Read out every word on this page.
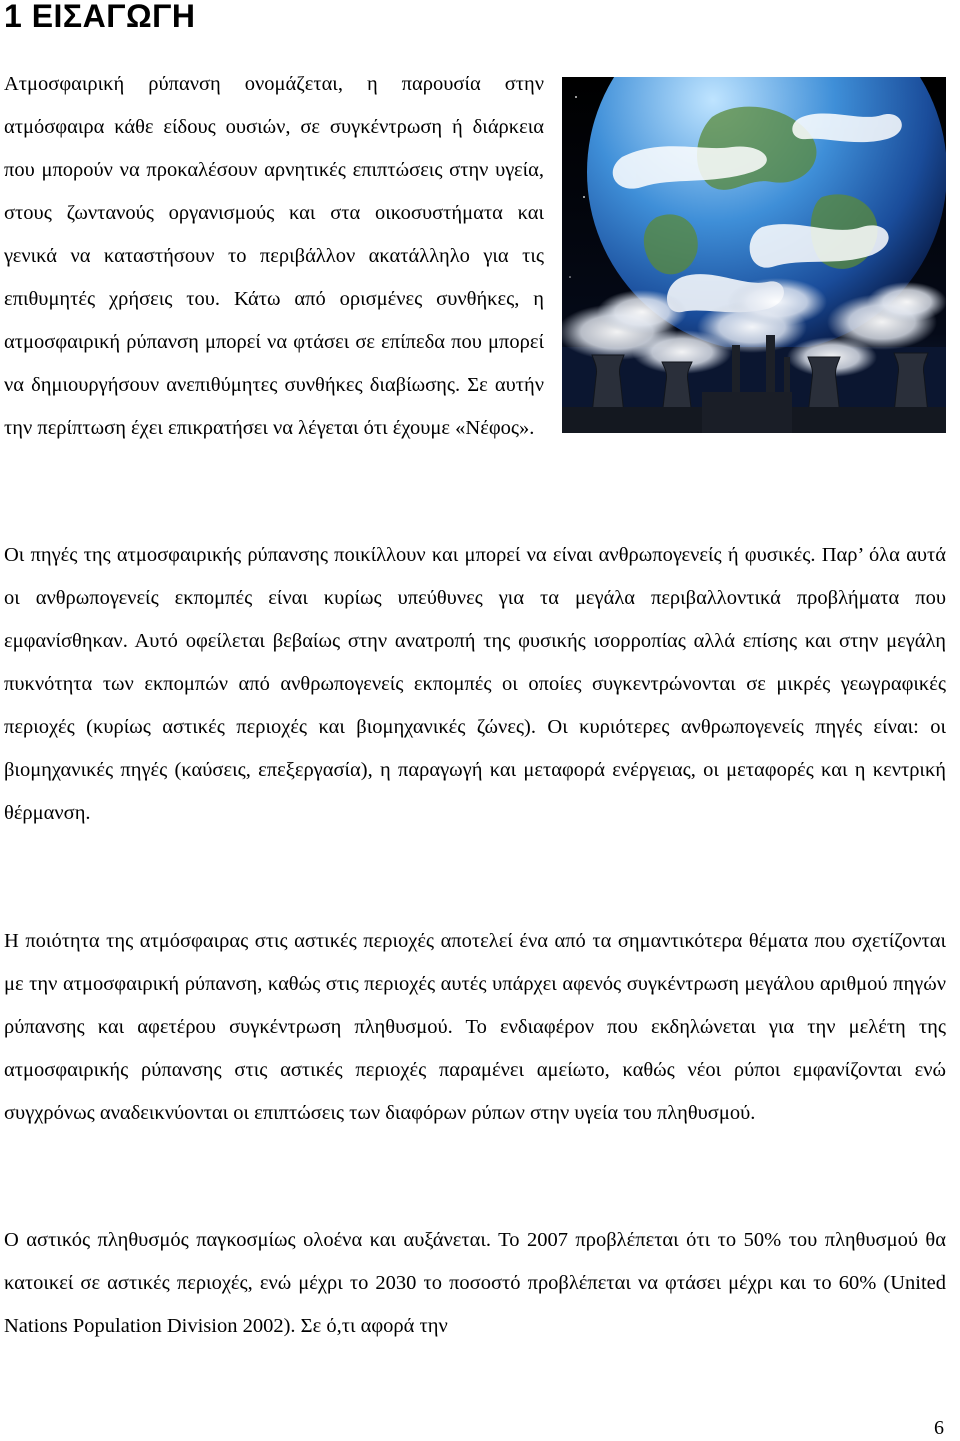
1 ΕΙΣΑΓΩΓΗ
Ατμοσφαιρική ρύπανση ονομάζεται, η παρουσία στην ατμόσφαιρα κάθε είδους ουσιών, σε συγκέντρωση ή διάρκεια που μπορούν να προκαλέσουν αρνητικές επιπτώσεις στην υγεία, στους ζωντανούς οργανισμούς και στα οικοσυστήματα και γενικά να καταστήσουν το περιβάλλον ακατάλληλο για τις επιθυμητές χρήσεις του. Κάτω από ορισμένες συνθήκες, η ατμοσφαιρική ρύπανση μπορεί να φτάσει σε επίπεδα που μπορεί να δημιουργήσουν ανεπιθύμητες συνθήκες διαβίωσης. Σε αυτήν την περίπτωση έχει επικρατήσει να λέγεται ότι έχουμε «Νέφος».

Οι πηγές της ατμοσφαιρικής ρύπανσης ποικίλλουν και μπορεί να είναι ανθρωπογενείς ή φυσικές. Παρ’ όλα αυτά οι ανθρωπογενείς εκπομπές είναι κυρίως υπεύθυνες για τα μεγάλα περιβαλλοντικά προβλήματα που εμφανίσθηκαν. Αυτό οφείλεται βεβαίως στην ανατροπή της φυσικής ισορροπίας αλλά επίσης και στην μεγάλη πυκνότητα των εκπομπών από ανθρωπογενείς εκπομπές οι οποίες συγκεντρώνονται σε μικρές γεωγραφικές περιοχές (κυρίως αστικές περιοχές και βιομηχανικές ζώνες). Οι κυριότερες ανθρωπογενείς πηγές είναι: οι βιομηχανικές πηγές (καύσεις, επεξεργασία), η παραγωγή και μεταφορά ενέργειας, οι μεταφορές και η κεντρική θέρμανση.

Η ποιότητα της ατμόσφαιρας στις αστικές περιοχές αποτελεί ένα από τα σημαντικότερα θέματα που σχετίζονται με την ατμοσφαιρική ρύπανση, καθώς στις περιοχές αυτές υπάρχει αφενός συγκέντρωση μεγάλου αριθμού πηγών ρύπανσης και αφετέρου συγκέντρωση πληθυσμού. Το ενδιαφέρον που εκδηλώνεται για την μελέτη της ατμοσφαιρικής ρύπανσης στις αστικές περιοχές παραμένει αμείωτο, καθώς νέοι ρύποι εμφανίζονται ενώ συγχρόνως αναδεικνύονται οι επιπτώσεις των διαφόρων ρύπων στην υγεία του πληθυσμού.

Ο αστικός πληθυσμός παγκοσμίως ολοένα και αυξάνεται. Το 2007 προβλέπεται ότι το 50% του πληθυσμού θα κατοικεί σε αστικές περιοχές, ενώ μέχρι το 2030 το ποσοστό προβλέπεται να φτάσει μέχρι και το 60% (United Nations Population Division 2002). Σε ό,τι αφορά την

6
